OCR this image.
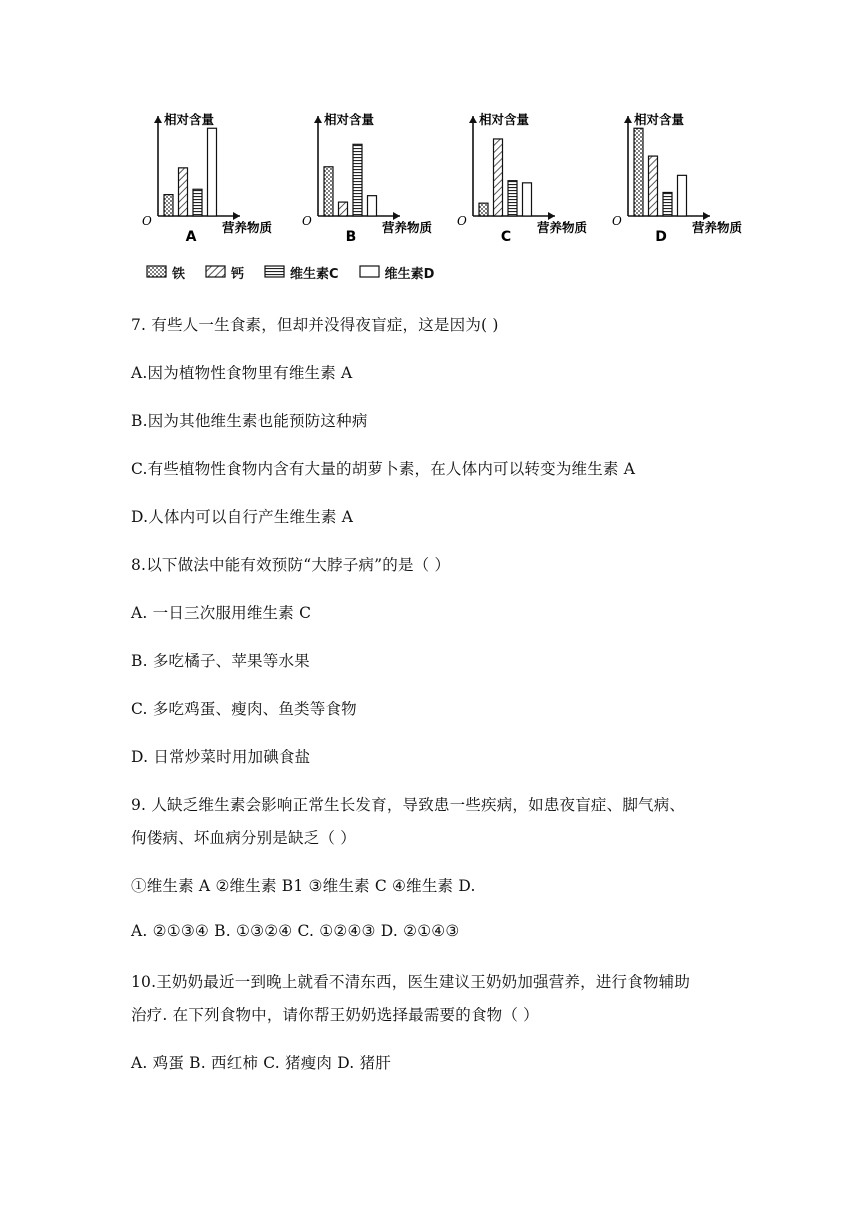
相对含量
营养物质
O
A
相对含量
营养物质
O
B
相对含量
营养物质
O
C
相对含量
营养物质
O
D
铁	钙	维生素C	维生素D
7. 有些人一生食素，但却并没得夜盲症，这是因为( )
A.因为植物性食物里有维生素 A
B.因为其他维生素也能预防这种病
C.有些植物性食物内含有大量的胡萝卜素，在人体内可以转变为维生素 A
D.人体内可以自行产生维生素 A
8.以下做法中能有效预防“大脖子病”的是（ ）
A. 一日三次服用维生素 C
B. 多吃橘子、苹果等水果
C. 多吃鸡蛋、瘦肉、鱼类等食物
D. 日常炒菜时用加碘食盐
9. 人缺乏维生素会影响正常生长发育，导致患一些疾病，如患夜盲症、脚气病、
佝偻病、坏血病分别是缺乏（ ）
①维生素 A ②维生素 B1 ③维生素 C ④维生素 D.
A. ②①③④ B. ①③②④ C. ①②④③ D. ②①④③
10.王奶奶最近一到晚上就看不清东西，医生建议王奶奶加强营养，进行食物辅助
治疗. 在下列食物中，请你帮王奶奶选择最需要的食物（ ）
A. 鸡蛋 B. 西红柿 C. 猪瘦肉 D. 猪肝
